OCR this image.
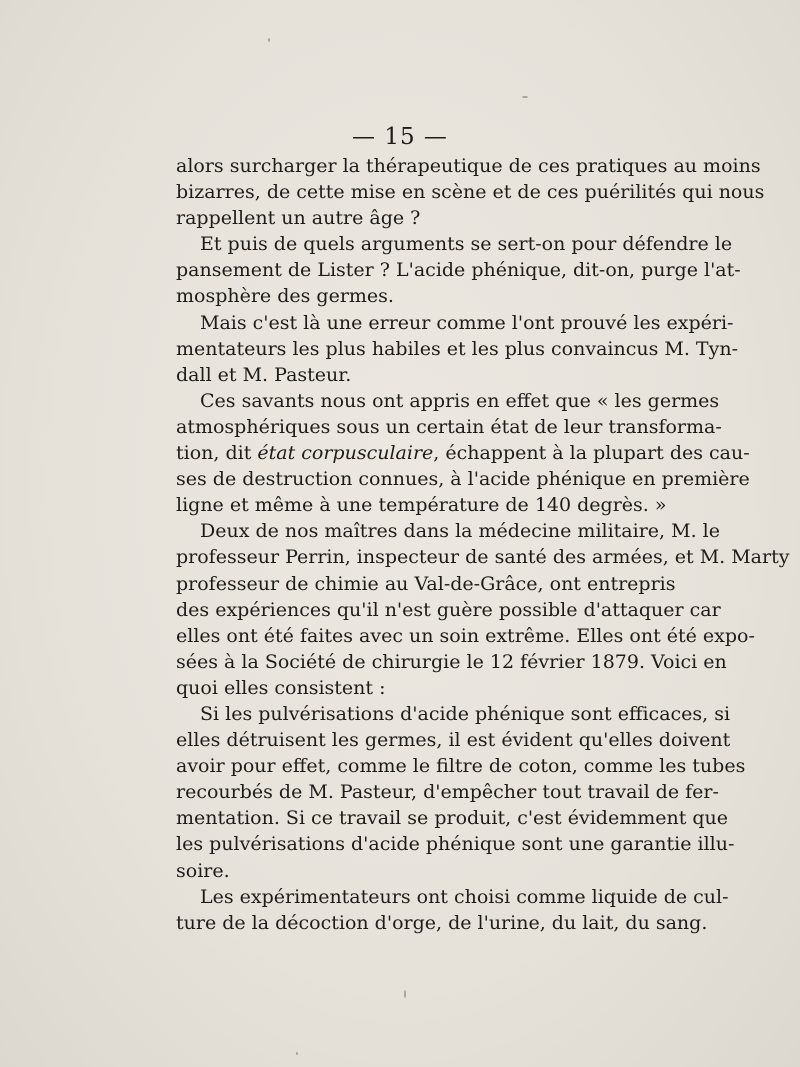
— 15 —
alors surcharger la thérapeutique de ces pratiques au moins
bizarres, de cette mise en scène et de ces puérilités qui nous
rappellent un autre âge ?
Et puis de quels arguments se sert-on pour défendre le
pansement de Lister ? L'acide phénique, dit-on, purge l'at-
mosphère des germes.
Mais c'est là une erreur comme l'ont prouvé les expéri-
mentateurs les plus habiles et les plus convaincus M. Tyn-
dall et M. Pasteur.
Ces savants nous ont appris en effet que « les germes
atmosphériques sous un certain état de leur transforma-
tion, dit état corpusculaire, échappent à la plupart des cau-
ses de destruction connues, à l'acide phénique en première
ligne et même à une température de 140 degrès. »
Deux de nos maîtres dans la médecine militaire, M. le
professeur Perrin, inspecteur de santé des armées, et M. Marty
professeur de chimie au Val-de-Grâce, ont entrepris
des expériences qu'il n'est guère possible d'attaquer car
elles ont été faites avec un soin extrême. Elles ont été expo-
sées à la Société de chirurgie le 12 février 1879. Voici en
quoi elles consistent :
Si les pulvérisations d'acide phénique sont efficaces, si
elles détruisent les germes, il est évident qu'elles doivent
avoir pour effet, comme le filtre de coton, comme les tubes
recourbés de M. Pasteur, d'empêcher tout travail de fer-
mentation. Si ce travail se produit, c'est évidemment que
les pulvérisations d'acide phénique sont une garantie illu-
soire.
Les expérimentateurs ont choisi comme liquide de cul-
ture de la décoction d'orge, de l'urine, du lait, du sang.
